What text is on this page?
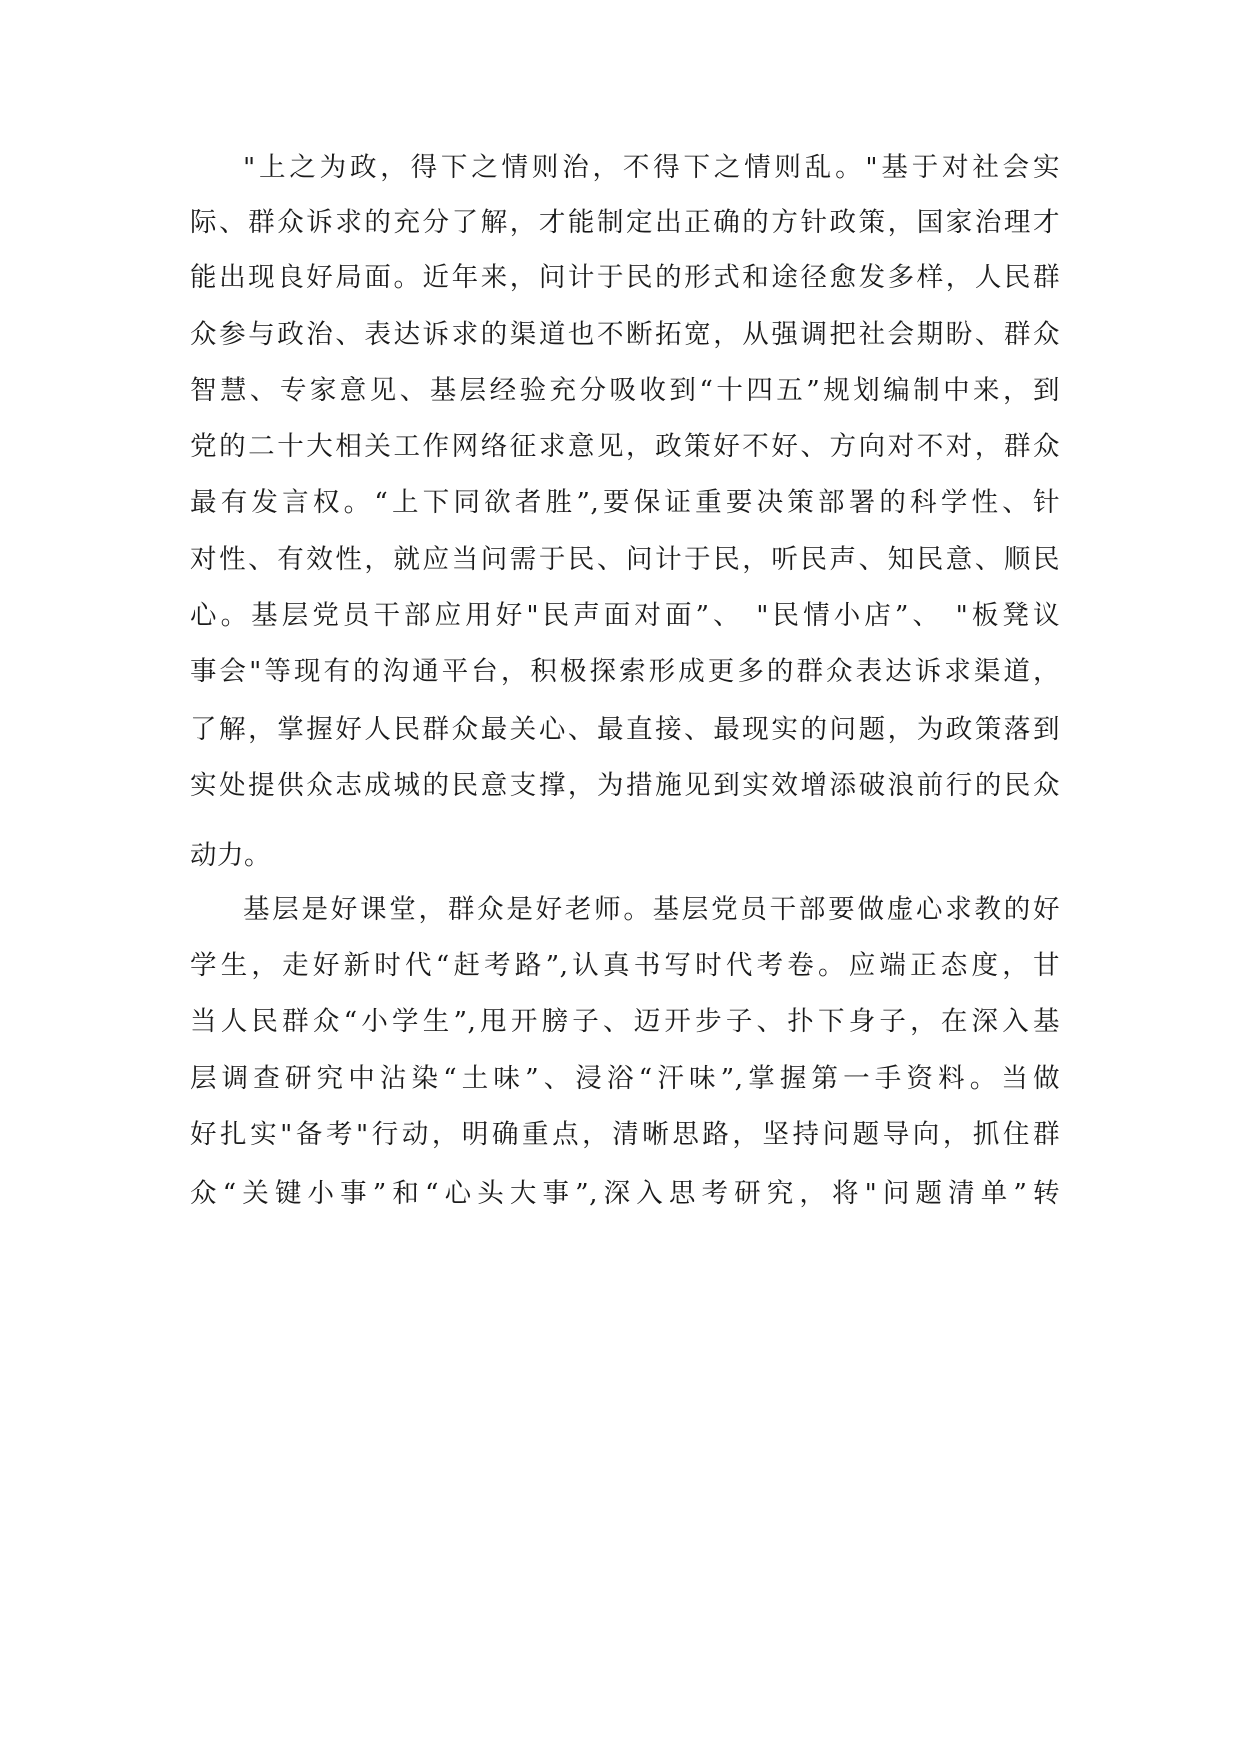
"上之为政，得下之情则治，不得下之情则乱。"基于对社会实
际、群众诉求的充分了解，才能制定出正确的方针政策，国家治理才
能出现良好局面。近年来，问计于民的形式和途径愈发多样，人民群
众参与政治、表达诉求的渠道也不断拓宽，从强调把社会期盼、群众
智慧、专家意见、基层经验充分吸收到“十四五”规划编制中来，到
党的二十大相关工作网络征求意见，政策好不好、方向对不对，群众
最有发言权。“上下同欲者胜”,要保证重要决策部署的科学性、针
对性、有效性，就应当问需于民、问计于民，听民声、知民意、顺民
心。基层党员干部应用好"民声面对面”、 "民情小店”、 "板凳议
事会"等现有的沟通平台，积极探索形成更多的群众表达诉求渠道，
了解，掌握好人民群众最关心、最直接、最现实的问题，为政策落到
实处提供众志成城的民意支撑，为措施见到实效增添破浪前行的民众
动力。
基层是好课堂，群众是好老师。基层党员干部要做虚心求教的好
学生，走好新时代“赶考路”,认真书写时代考卷。应端正态度，甘
当人民群众“小学生”,甩开膀子、迈开步子、扑下身子，在深入基
层调查研究中沾染“土味”、浸浴“汗味”,掌握第一手资料。当做
好扎实"备考"行动，明确重点，清晰思路，坚持问题导向，抓住群
众“关键小事”和“心头大事”,深入思考研究，将"问题清单”转
